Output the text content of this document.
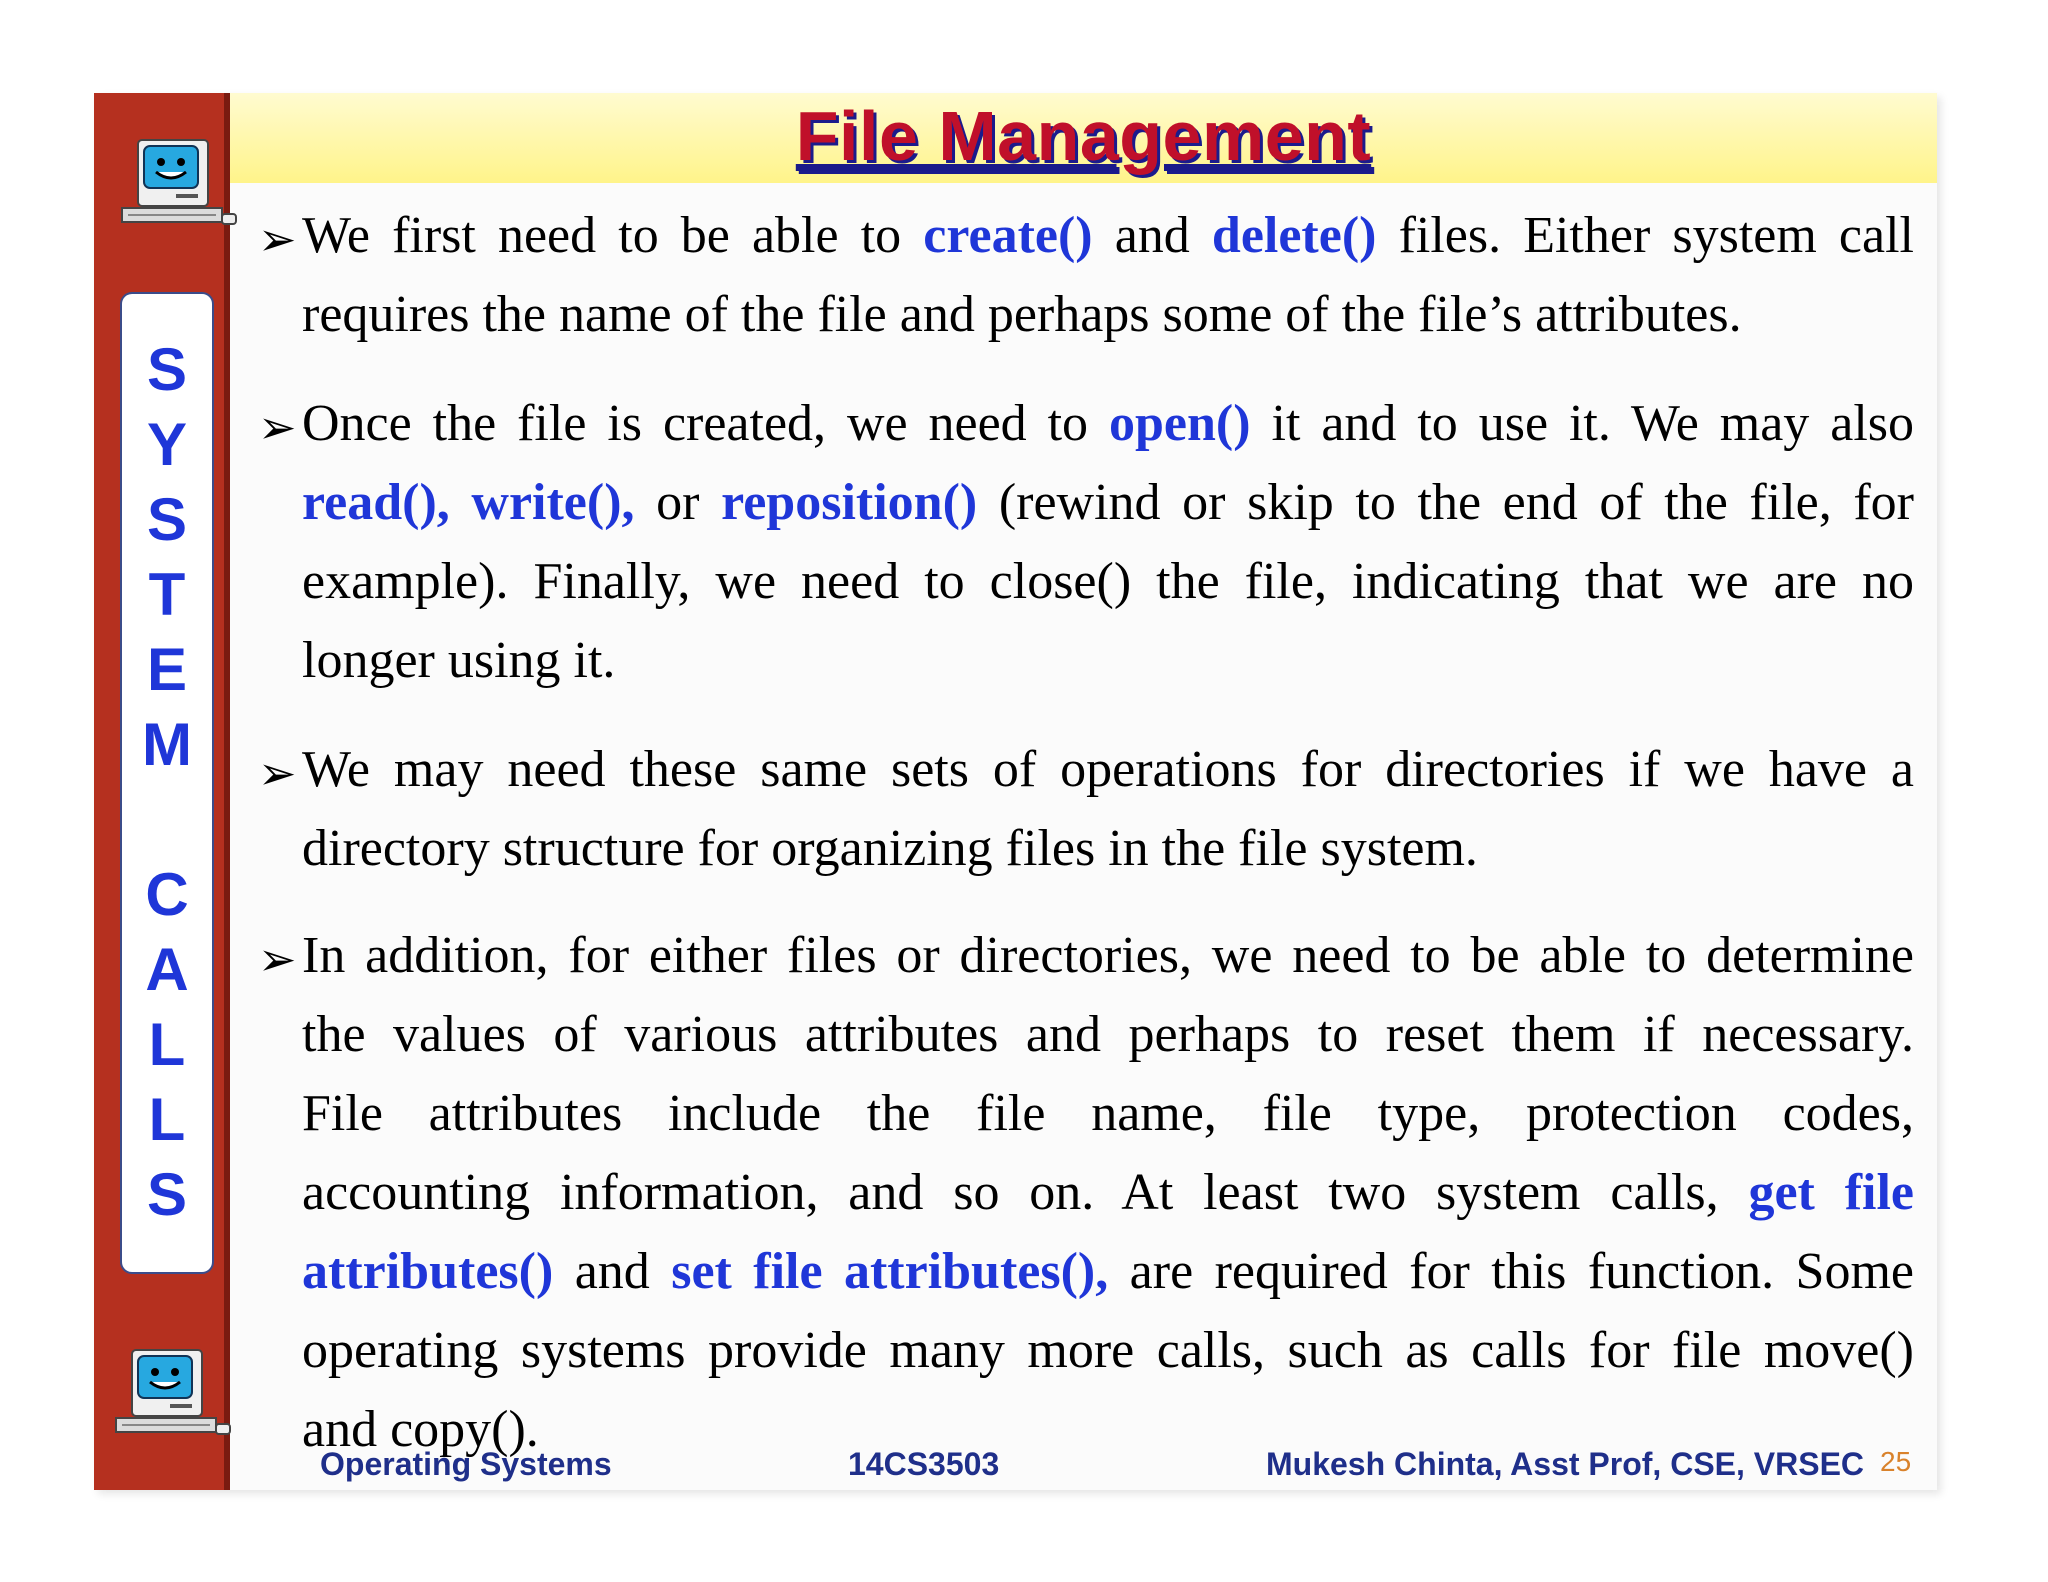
S
Y
S
T
E
M
C
A
L
L
S
File Management
➢ We first need to be able to create() and delete() files. Either system call
requires the name of the file and perhaps some of the file’s attributes.
➢ Once the file is created, we need to open() it and to use it. We may also
read(), write(), or reposition() (rewind or skip to the end of the file, for
example). Finally, we need to close() the file, indicating that we are no
longer using it.
➢ We may need these same sets of operations for directories if we have a
directory structure for organizing files in the file system.
➢ In addition, for either files or directories, we need to be able to determine
the values of various attributes and perhaps to reset them if necessary.
File attributes include the file name, file type, protection codes,
accounting information, and so on. At least two system calls, get file
attributes() and set file attributes(), are required for this function. Some
operating systems provide many more calls, such as calls for file move()
and copy().
Operating Systems	14CS3503	Mukesh Chinta, Asst Prof, CSE, VRSEC 25
